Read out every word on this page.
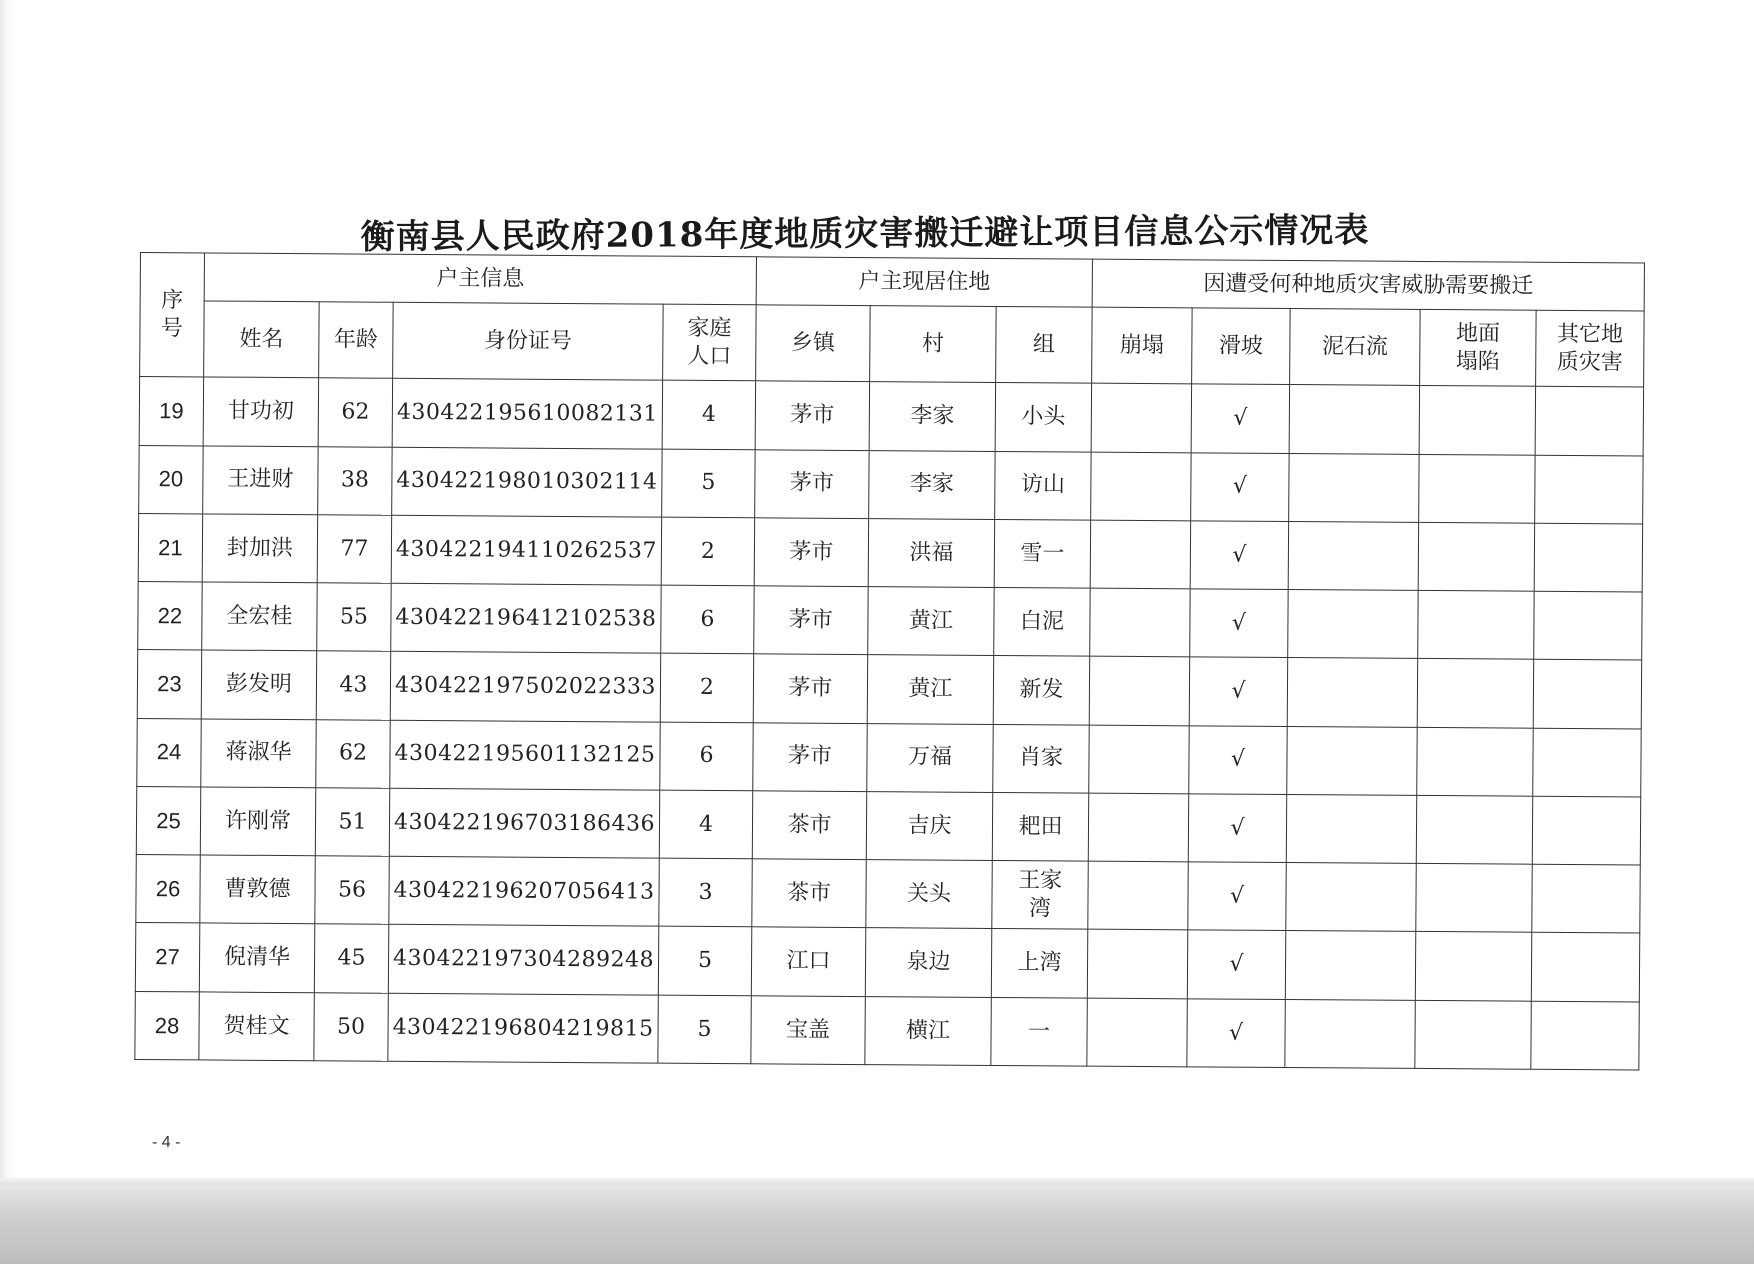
衡南县人民政府2018年度地质灾害搬迁避让项目信息公示情况表
序
号	户主信息				户主现居住地			因遭受何种地质灾害威胁需要搬迁				
	姓名	年龄	身份证号	家庭
人口	乡镇	村	组	崩塌	滑坡	泥石流	地面
塌陷	其它地
质灾害
19	甘功初	62	430422195610082131	4	茅市	李家	小头		√			
20	王进财	38	430422198010302114	5	茅市	李家	访山		√			
21	封加洪	77	430422194110262537	2	茅市	洪福	雪一		√			
22	全宏桂	55	430422196412102538	6	茅市	黄江	白泥		√			
23	彭发明	43	430422197502022333	2	茅市	黄江	新发		√			
24	蒋淑华	62	430422195601132125	6	茅市	万福	肖家		√			
25	许刚常	51	430422196703186436	4	茶市	吉庆	耙田		√			
26	曹敦德	56	430422196207056413	3	茶市	关头	王家
湾		√			
27	倪清华	45	430422197304289248	5	江口	泉边	上湾		√			
28	贺桂文	50	430422196804219815	5	宝盖	横江	一		√			
- 4 -
